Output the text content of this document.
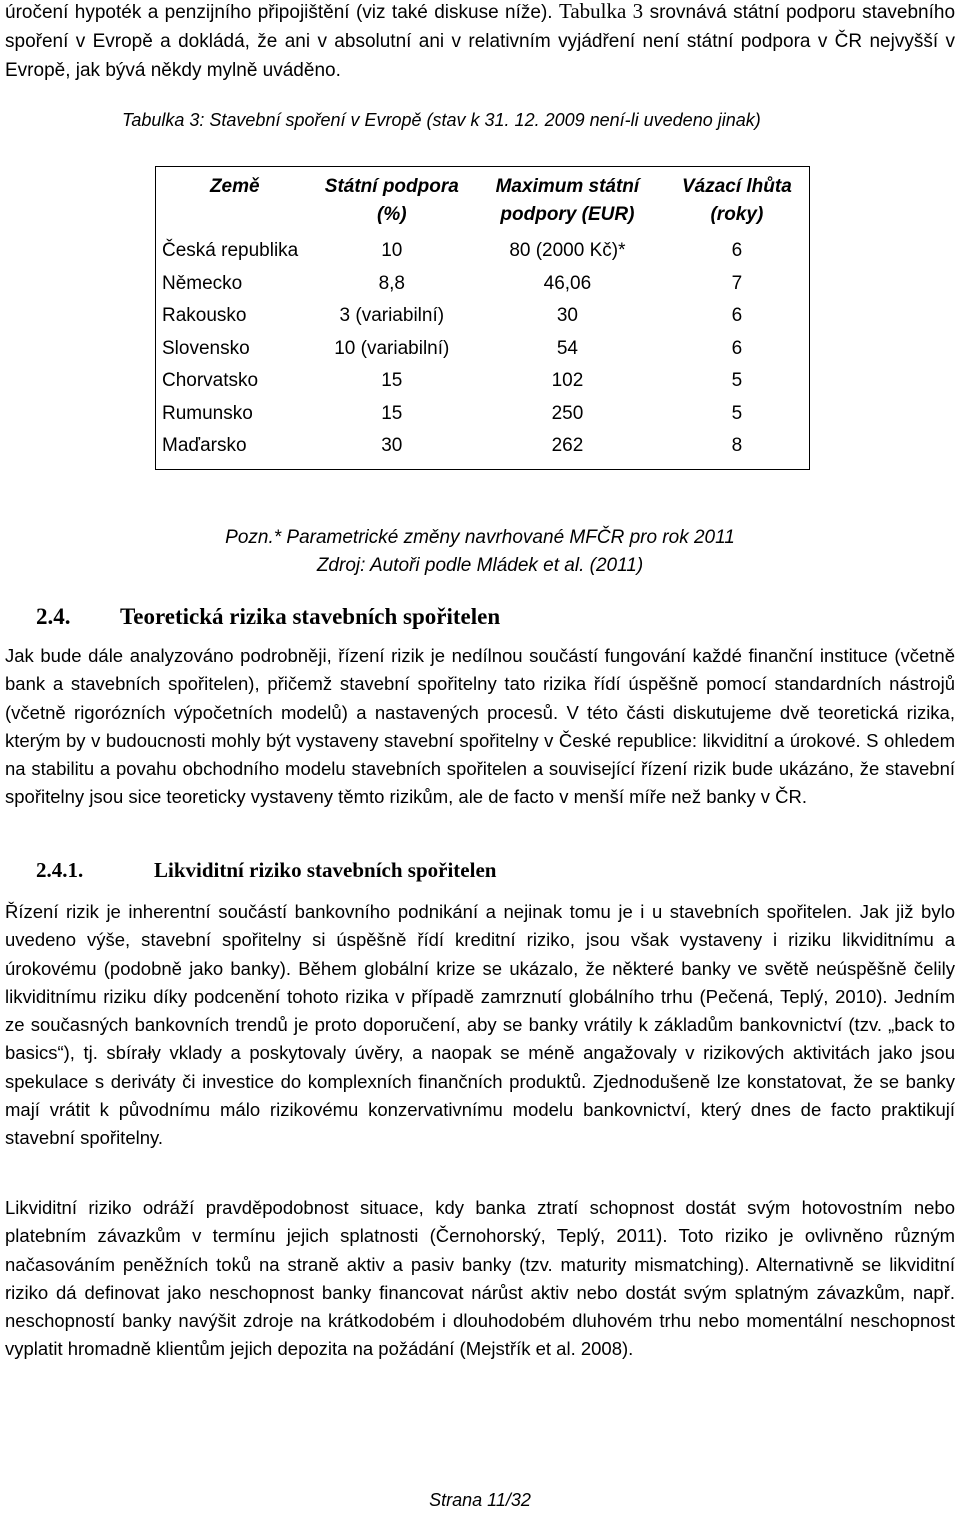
úročení hypoték a penzijního připojištění (viz také diskuse níže). Tabulka 3 srovnává státní podporu stavebního spoření v Evropě a dokládá, že ani v absolutní ani v relativním vyjádření není státní podpora v ČR nejvyšší v Evropě, jak bývá někdy mylně uváděno.
Tabulka 3: Stavební spoření v Evropě (stav k 31. 12. 2009 není-li uvedeno jinak)
Země	Státní podpora (%)	Maximum státní podpory (EUR)	Vázací lhůta (roky)
Česká republika	10	80 (2000 Kč)*	6
Německo	8,8	46,06	7
Rakousko	3 (variabilní)	30	6
Slovensko	10 (variabilní)	54	6
Chorvatsko	15	102	5
Rumunsko	15	250	5
Maďarsko	30	262	8
Pozn.* Parametrické změny navrhované MFČR pro rok 2011
Zdroj: Autoři podle Mládek et al. (2011)
2.4. Teoretická rizika stavebních spořitelen
Jak bude dále analyzováno podrobněji, řízení rizik je nedílnou součástí fungování každé finanční instituce (včetně bank a stavebních spořitelen), přičemž stavební spořitelny tato rizika řídí úspěšně pomocí standardních nástrojů (včetně rigorózních výpočetních modelů) a nastavených procesů. V této části diskutujeme dvě teoretická rizika, kterým by v budoucnosti mohly být vystaveny stavební spořitelny v České republice: likviditní a úrokové. S ohledem na stabilitu a povahu obchodního modelu stavebních spořitelen a související řízení rizik bude ukázáno, že stavební spořitelny jsou sice teoreticky vystaveny těmto rizikům, ale de facto v menší míře než banky v ČR.
2.4.1.	Likviditní riziko stavebních spořitelen
Řízení rizik je inherentní součástí bankovního podnikání a nejinak tomu je i u stavebních spořitelen. Jak již bylo uvedeno výše, stavební spořitelny si úspěšně řídí kreditní riziko, jsou však vystaveny i riziku likviditnímu a úrokovému (podobně jako banky). Během globální krize se ukázalo, že některé banky ve světě neúspěšně čelily likviditnímu riziku díky podcenění tohoto rizika v případě zamrznutí globálního trhu (Pečená, Teplý, 2010). Jedním ze současných bankovních trendů je proto doporučení, aby se banky vrátily k základům bankovnictví (tzv. „back to basics“), tj. sbírały vklady a poskytovaly úvěry, a naopak se méně angažovaly v rizikových aktivitách jako jsou spekulace s deriváty či investice do komplexních finančních produktů. Zjednodušeně lze konstatovat, že se banky mají vrátit k původnímu málo rizikovému konzervativnímu modelu bankovnictví, který dnes de facto praktikují stavební spořitelny.
Likviditní riziko odráží pravděpodobnost situace, kdy banka ztratí schopnost dostát svým hotovostním nebo platebním závazkům v termínu jejich splatnosti (Černohorský, Teplý, 2011). Toto riziko je ovlivněno různým načasováním peněžních toků na straně aktiv a pasiv banky (tzv. maturity mismatching). Alternativně se likviditní riziko dá definovat jako neschopnost banky financovat nárůst aktiv nebo dostát svým splatným závazkům, např. neschopností banky navýšit zdroje na krátkodobém i dlouhodobém dluhovém trhu nebo momentální neschopnost vyplatit hromadně klientům jejich depozita na požádání (Mejstřík et al. 2008).
Strana 11/32
